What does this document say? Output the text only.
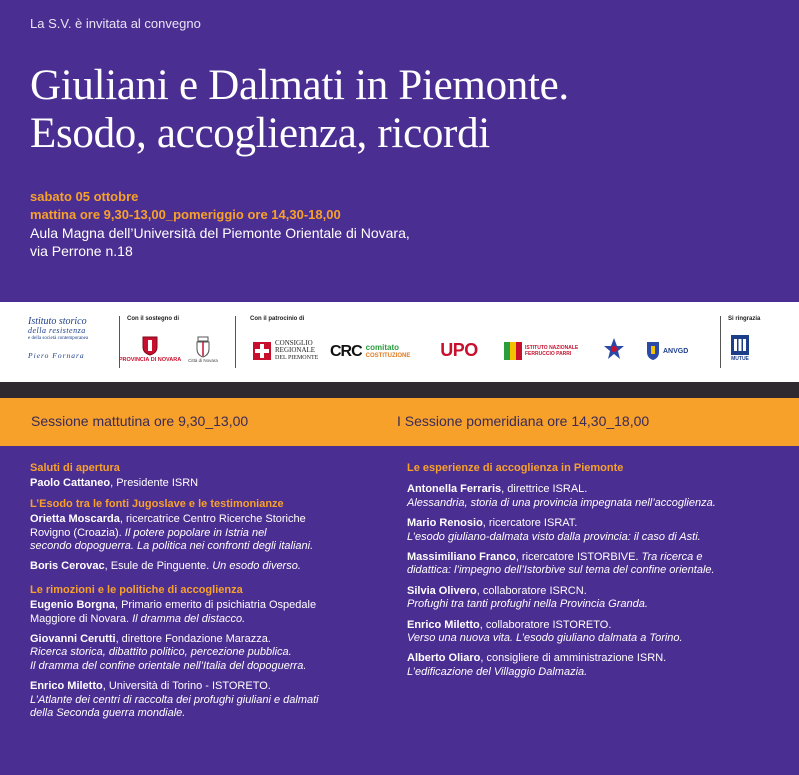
La S.V. è invitata al convegno
Giuliani e Dalmati in Piemonte.
Esodo, accoglienza, ricordi
sabato 05 ottobre
mattina ore 9,30-13,00_pomeriggio ore 14,30-18,00
Aula Magna dell’Università del Piemonte Orientale di Novara,
via Perrone n.18
Istituto storico
della resistenza
e della società contemporanea

Piero Fornara
Con il sostegno di
PROVINCIA DI NOVARA Città di Novara
Con il patrocinio di
CONSIGLIO
REGIONALE
DEL PIEMONTE CRC comitato
COSTITUZIONE UPO	ISTITUTO NAZIONALE
FERRUCCIO PARRI	ANVGD
Si ringrazia
MUTUE
Sessione mattutina ore 9,30_13,00	I Sessione pomeridiana ore 14,30_18,00
Saluti di apertura
Paolo Cattaneo, Presidente ISRN
L’Esodo tra le fonti Jugoslave e le testimonianze
Orietta Moscarda, ricercatrice Centro Ricerche Storiche
Rovigno (Croazia). Il potere popolare in Istria nel
secondo dopoguerra. La politica nei confronti degli italiani.
Boris Cerovac, Esule de Pinguente. Un esodo diverso.
Le rimozioni e le politiche di accoglienza
Eugenio Borgna, Primario emerito di psichiatria Ospedale
Maggiore di Novara. Il dramma del distacco.
Giovanni Cerutti, direttore Fondazione Marazza.
Ricerca storica, dibattito politico, percezione pubblica.
Il dramma del confine orientale nell’Italia del dopoguerra.
Enrico Miletto, Università di Torino - ISTORETO.
L’Atlante dei centri di raccolta dei profughi giuliani e dalmati
della Seconda guerra mondiale.
Le esperienze di accoglienza in Piemonte
Antonella Ferraris, direttrice ISRAL.
Alessandria, storia di una provincia impegnata nell’accoglienza.
Mario Renosio, ricercatore ISRAT.
L’esodo giuliano-dalmata visto dalla provincia: il caso di Asti.
Massimiliano Franco, ricercatore ISTORBIVE. Tra ricerca e
didattica: l’impegno dell’Istorbive sul tema del confine orientale.
Silvia Olivero, collaboratore ISRCN.
Profughi tra tanti profughi nella Provincia Granda.
Enrico Miletto, collaboratore ISTORETO.
Verso una nuova vita. L’esodo giuliano dalmata a Torino.
Alberto Oliaro, consigliere di amministrazione ISRN.
L’edificazione del Villaggio Dalmazia.
